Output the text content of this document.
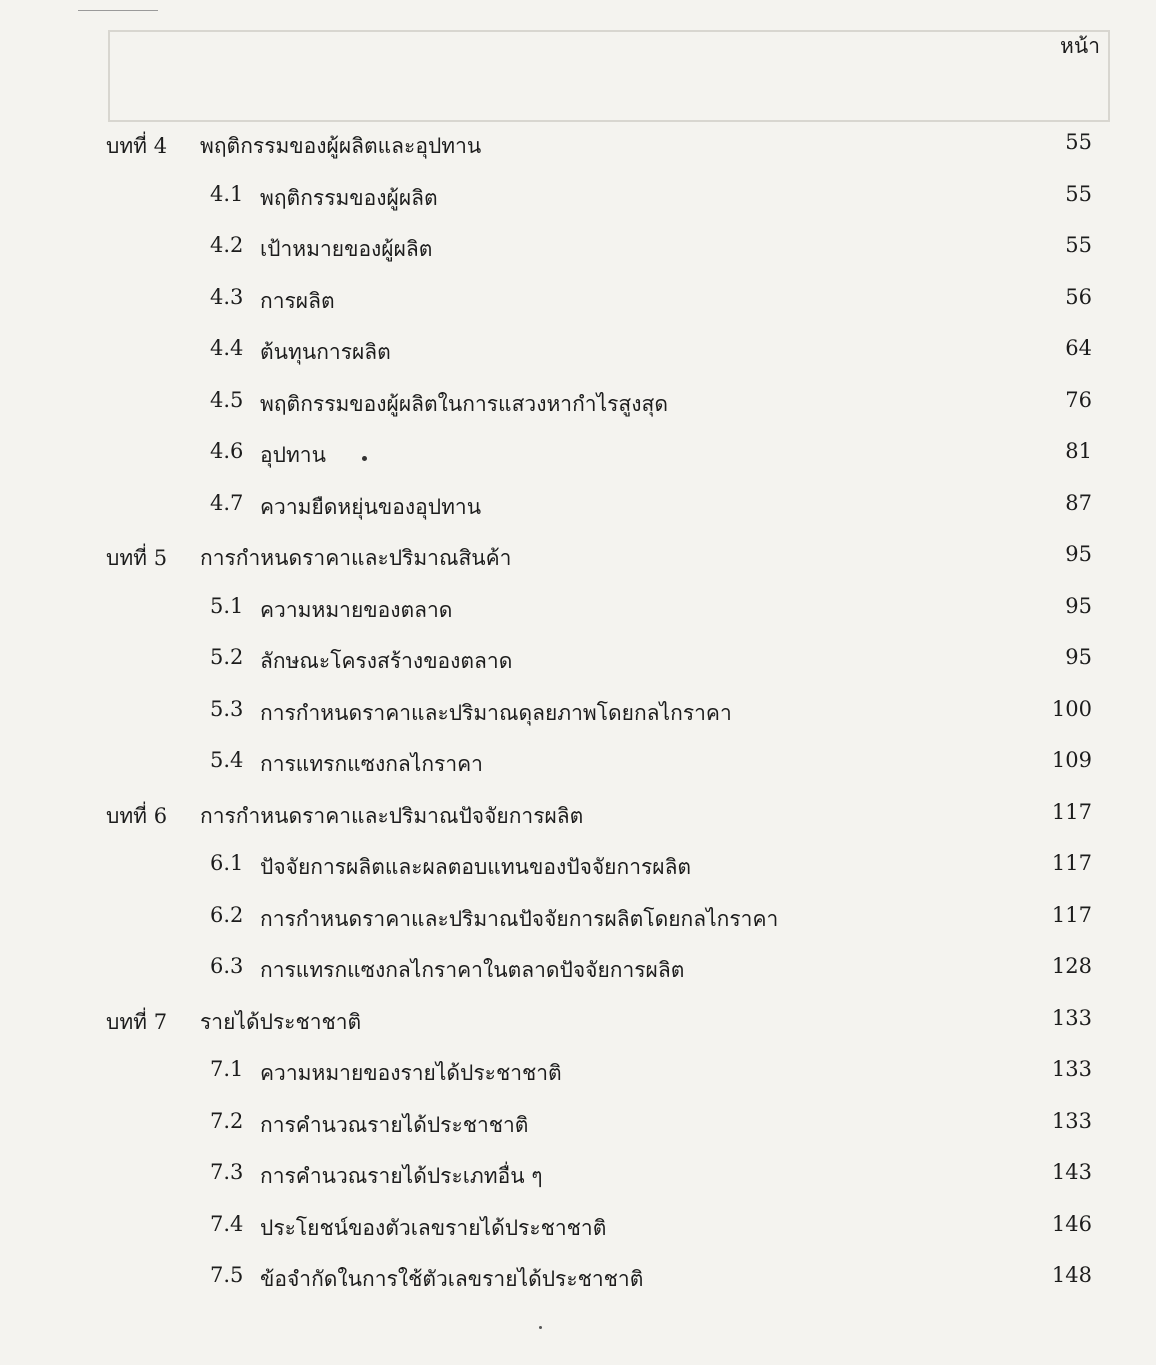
หน้า
บทที่ 4 พฤติกรรมของผู้ผลิตและอุปทาน	55
4.1 พฤติกรรมของผู้ผลิต	55
4.2 เป้าหมายของผู้ผลิต	55
4.3 การผลิต	56
4.4 ต้นทุนการผลิต	64
4.5 พฤติกรรมของผู้ผลิตในการแสวงหากำไรสูงสุด	76
4.6 อุปทาน	81
4.7 ความยืดหยุ่นของอุปทาน	87
บทที่ 5 การกำหนดราคาและปริมาณสินค้า	95
5.1 ความหมายของตลาด	95
5.2 ลักษณะโครงสร้างของตลาด	95
5.3 การกำหนดราคาและปริมาณดุลยภาพโดยกลไกราคา	100
5.4 การแทรกแซงกลไกราคา	109
บทที่ 6 การกำหนดราคาและปริมาณปัจจัยการผลิต	117
6.1 ปัจจัยการผลิตและผลตอบแทนของปัจจัยการผลิต	117
6.2 การกำหนดราคาและปริมาณปัจจัยการผลิตโดยกลไกราคา	117
6.3 การแทรกแซงกลไกราคาในตลาดปัจจัยการผลิต	128
บทที่ 7 รายได้ประชาชาติ	133
7.1 ความหมายของรายได้ประชาชาติ	133
7.2 การคำนวณรายได้ประชาชาติ	133
7.3 การคำนวณรายได้ประเภทอื่น ๆ	143
7.4 ประโยชน์ของตัวเลขรายได้ประชาชาติ	146
7.5 ข้อจำกัดในการใช้ตัวเลขรายได้ประชาชาติ	148
